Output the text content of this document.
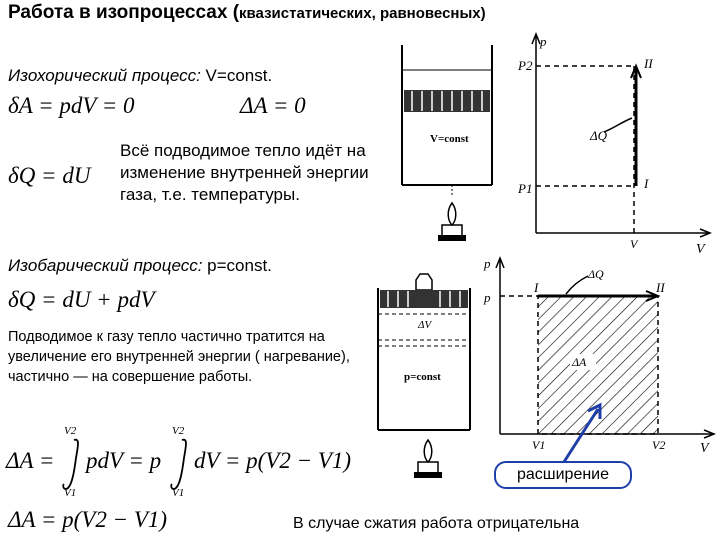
Работа в изопроцессах (квазистатических, равновесных)
Изохорический процесс: V=const.
δA = pdV = 0	ΔA = 0
δQ = dU
Всё подводимое тепло идёт на изменение внутренней энергии газа, т.е. температуры.
Изобарический процесс: p=const.
δQ = dU + pdV
Подводимое к газу тепло частично тратится на увеличение его внутренней энергии ( нагревание), частично — на совершение работы.
ΔA =
V2
V1
pdV = p
V2
V1
dV = p(V2 − V1)
ΔA = p(V2 − V1)
V=const
p
V
P2
P1
II
I
ΔQ
V
ΔV
p=const
p
p
V
I	II
ΔQ
ΔA
V1	V2
расширение
В случае сжатия работа отрицательна
